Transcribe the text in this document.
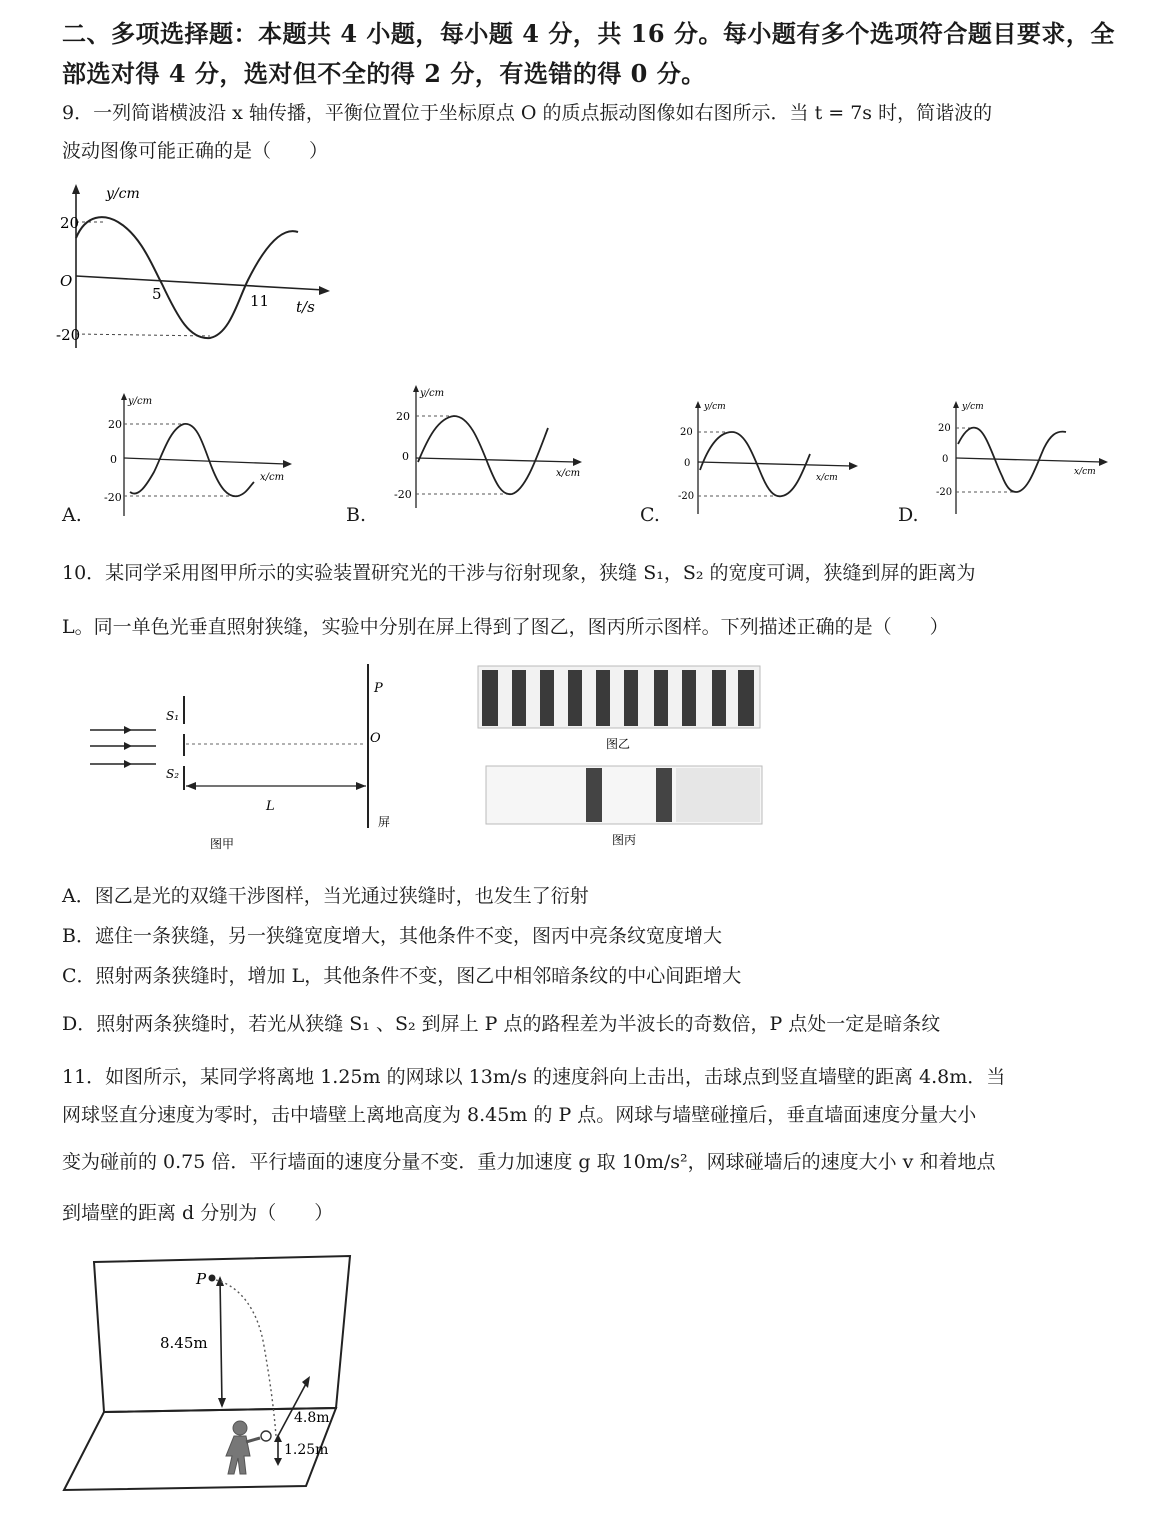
二、多项选择题：本题共 4 小题，每小题 4 分，共 16 分。每小题有多个选项符合题目要求，全
部选对得 4 分，选对但不全的得 2 分，有选错的得 0 分。
9．一列简谐横波沿 x 轴传播，平衡位置位于坐标原点 O 的质点振动图像如右图所示．当 t = 7s 时，简谐波的
波动图像可能正确的是（　　）
y/cm
20
O
-20
5	11 t/s
A.
y/cm
20
0
-20
x/cm
B.
y/cm
20
0
-20
x/cm
C.
y/cm
20
0
-20
x/cm
D.
y/cm
20
0
-20
x/cm
10．某同学采用图甲所示的实验装置研究光的干涉与衍射现象，狭缝 S₁，S₂ 的宽度可调，狭缝到屏的距离为
L。同一单色光垂直照射狭缝，实验中分别在屏上得到了图乙，图丙所示图样。下列描述正确的是（　　）
S₁
S₂
P
O
L
屏
图甲
图乙
图丙
A．图乙是光的双缝干涉图样，当光通过狭缝时，也发生了衍射
B．遮住一条狭缝，另一狭缝宽度增大，其他条件不变，图丙中亮条纹宽度增大
C．照射两条狭缝时，增加 L，其他条件不变，图乙中相邻暗条纹的中心间距增大
D．照射两条狭缝时，若光从狭缝 S₁ 、S₂ 到屏上 P 点的路程差为半波长的奇数倍，P 点处一定是暗条纹
11．如图所示，某同学将离地 1.25m 的网球以 13m/s 的速度斜向上击出，击球点到竖直墙壁的距离 4.8m．当
网球竖直分速度为零时，击中墙壁上离地高度为 8.45m 的 P 点。网球与墙壁碰撞后，垂直墙面速度分量大小
变为碰前的 0.75 倍．平行墙面的速度分量不变．重力加速度 g 取 10m/s²，网球碰墙后的速度大小 v 和着地点
到墙壁的距离 d 分别为（　　）
P
8.45m
4.8m
1.25m
